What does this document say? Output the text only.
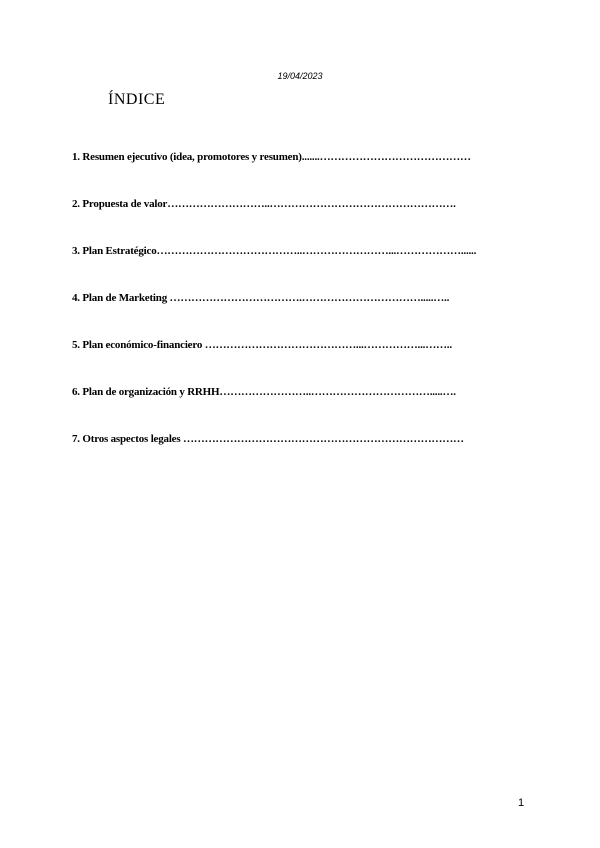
19/04/2023
ÍNDICE
1. Resumen ejecutivo (idea, promotores y resumen).......……………………………………
2. Propuesta de valor………………………..…………………………………………….
3. Plan Estratégico…………………………………..……………………...………………......
4. Plan de Marketing ……………………………….…………………………….....…..
5. Plan económico-financiero ……………………………………...……………...……..
6. Plan de organización y RRHH……………………..…………………………….....….
7. Otros aspectos legales ……………………………………………………………………
1
